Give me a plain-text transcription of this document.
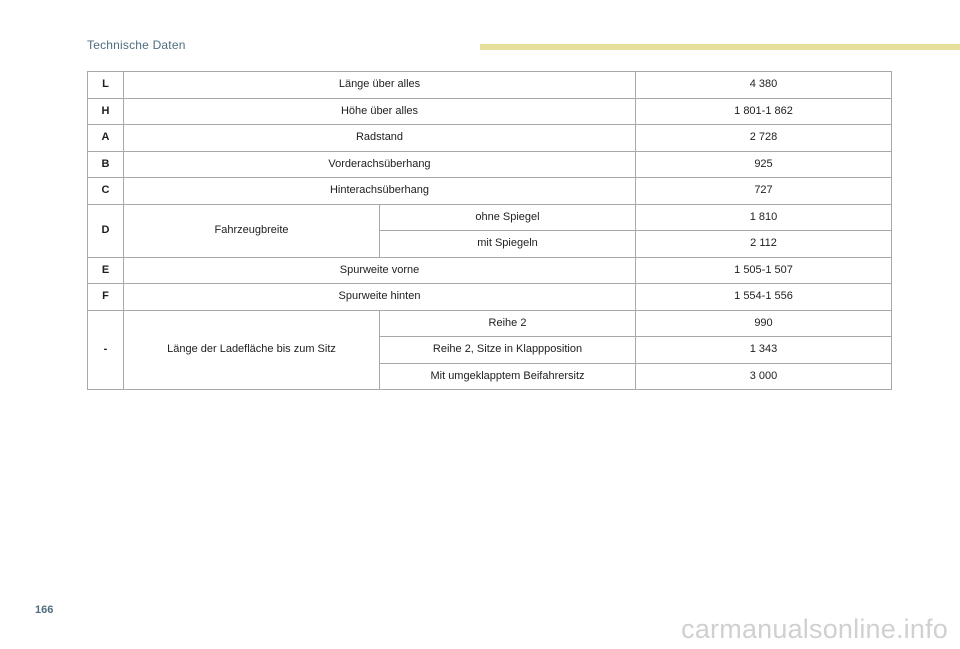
Technische Daten
L	Länge über alles		4 380
H	Höhe über alles		1 801-1 862
A	Radstand		2 728
B	Vorderachsüberhang		925
C	Hinterachsüberhang		727
D	Fahrzeugbreite	ohne Spiegel	1 810
		mit Spiegeln	2 112
E	Spurweite vorne		1 505-1 507
F	Spurweite hinten		1 554-1 556
-	Länge der Ladefläche bis zum Sitz	Reihe 2	990
		Reihe 2, Sitze in Klappposition	1 343
		Mit umgeklapptem Beifahrersitz	3 000
166
carmanualsonline.info
